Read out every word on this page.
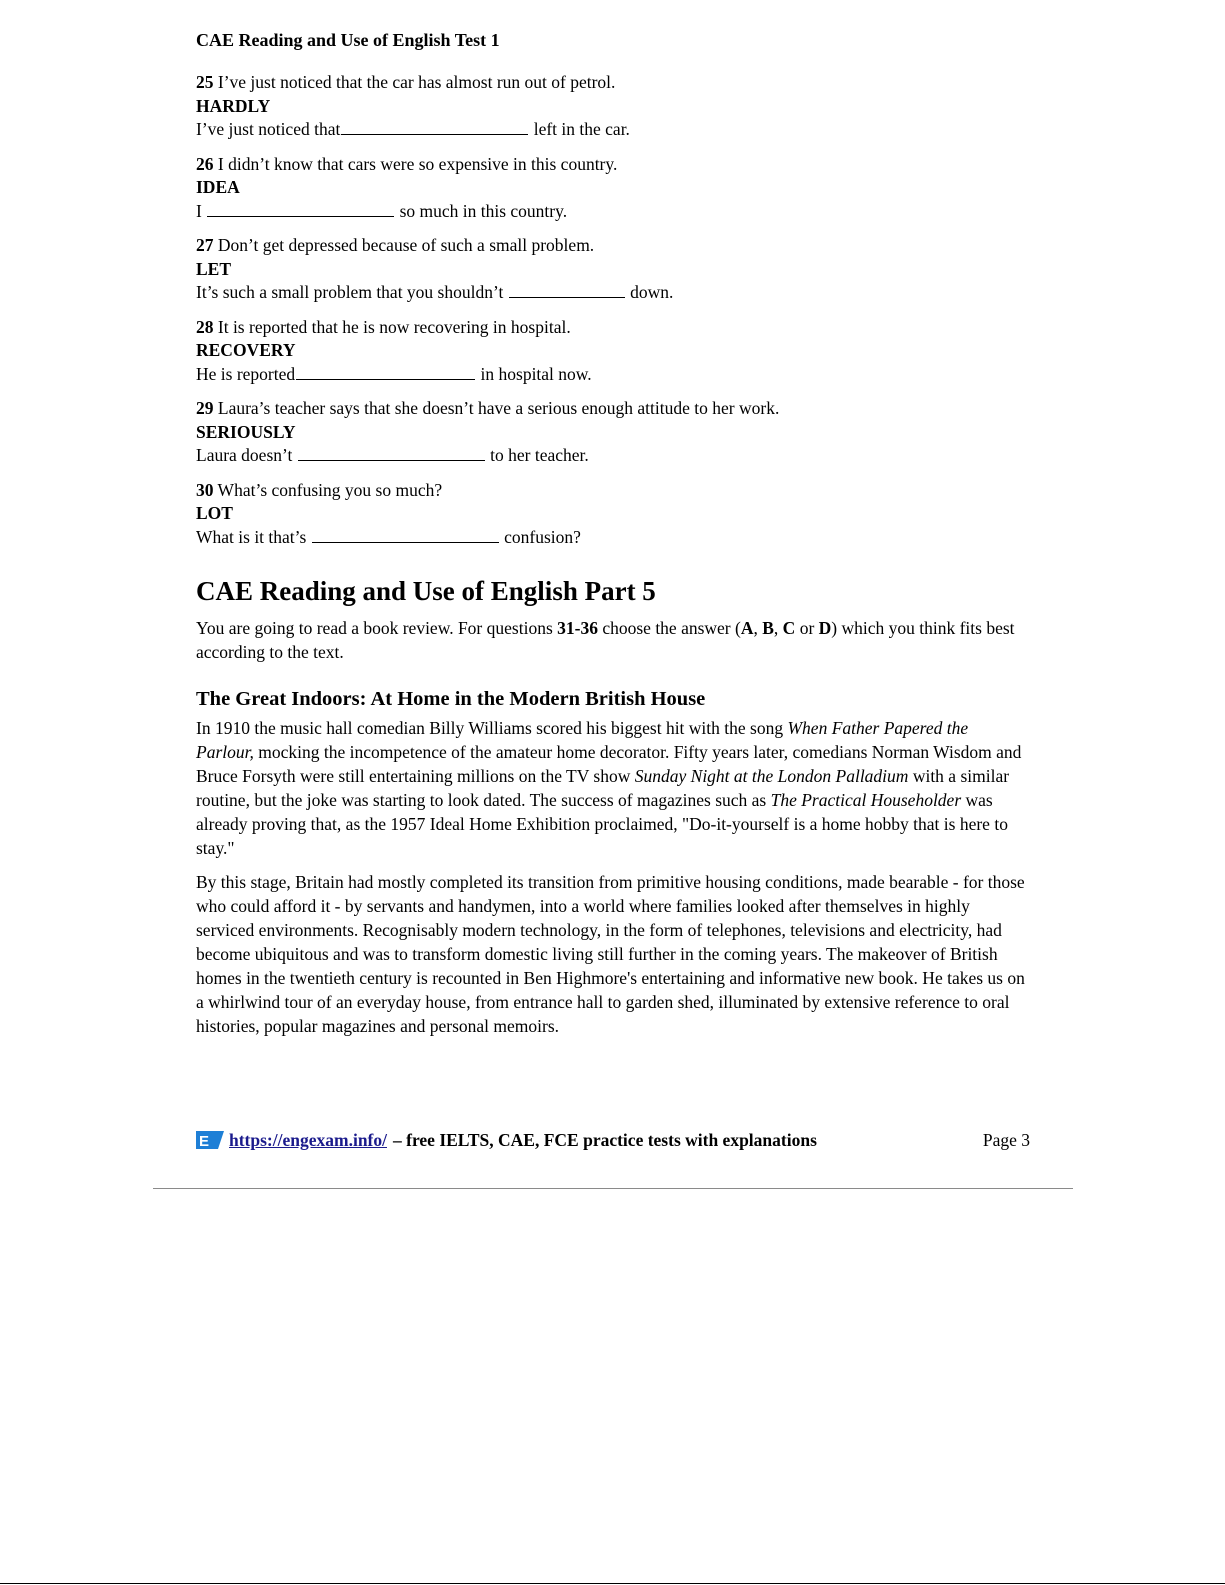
CAE Reading and Use of English Test 1
25 I’ve just noticed that the car has almost run out of petrol.
HARDLY
I’ve just noticed that	left in the car.
26 I didn’t know that cars were so expensive in this country.
IDEA
I	so much in this country.
27 Don’t get depressed because of such a small problem.
LET
It’s such a small problem that you shouldn’t	down.
28 It is reported that he is now recovering in hospital.
RECOVERY
He is reported	in hospital now.
29 Laura’s teacher says that she doesn’t have a serious enough attitude to her work.
SERIOUSLY
Laura doesn’t	to her teacher.
30 What’s confusing you so much?
LOT
What is it that’s	confusion?
CAE Reading and Use of English Part 5

You are going to read a book review. For questions 31-36 choose the answer (A, B, C or D) which you think fits best according to the text.

The Great Indoors: At Home in the Modern British House

In 1910 the music hall comedian Billy Williams scored his biggest hit with the song When Father Papered the Parlour, mocking the incompetence of the amateur home decorator. Fifty years later, comedians Norman Wisdom and Bruce Forsyth were still entertaining millions on the TV show Sunday Night at the London Palladium with a similar routine, but the joke was starting to look dated. The success of magazines such as The Practical Householder was already proving that, as the 1957 Ideal Home Exhibition proclaimed, "Do-it-yourself is a home hobby that is here to stay."

By this stage, Britain had mostly completed its transition from primitive housing conditions, made bearable - for those who could afford it - by servants and handymen, into a world where families looked after themselves in highly serviced environments. Recognisably modern technology, in the form of telephones, televisions and electricity, had become ubiquitous and was to transform domestic living still further in the coming years. The makeover of British homes in the twentieth century is recounted in Ben Highmore's entertaining and informative new book. He takes us on a whirlwind tour of an everyday house, from entrance hall to garden shed, illuminated by extensive reference to oral histories, popular magazines and personal memoirs.

E https://engexam.info/ – free IELTS, CAE, FCE practice tests with explanations	Page 3
